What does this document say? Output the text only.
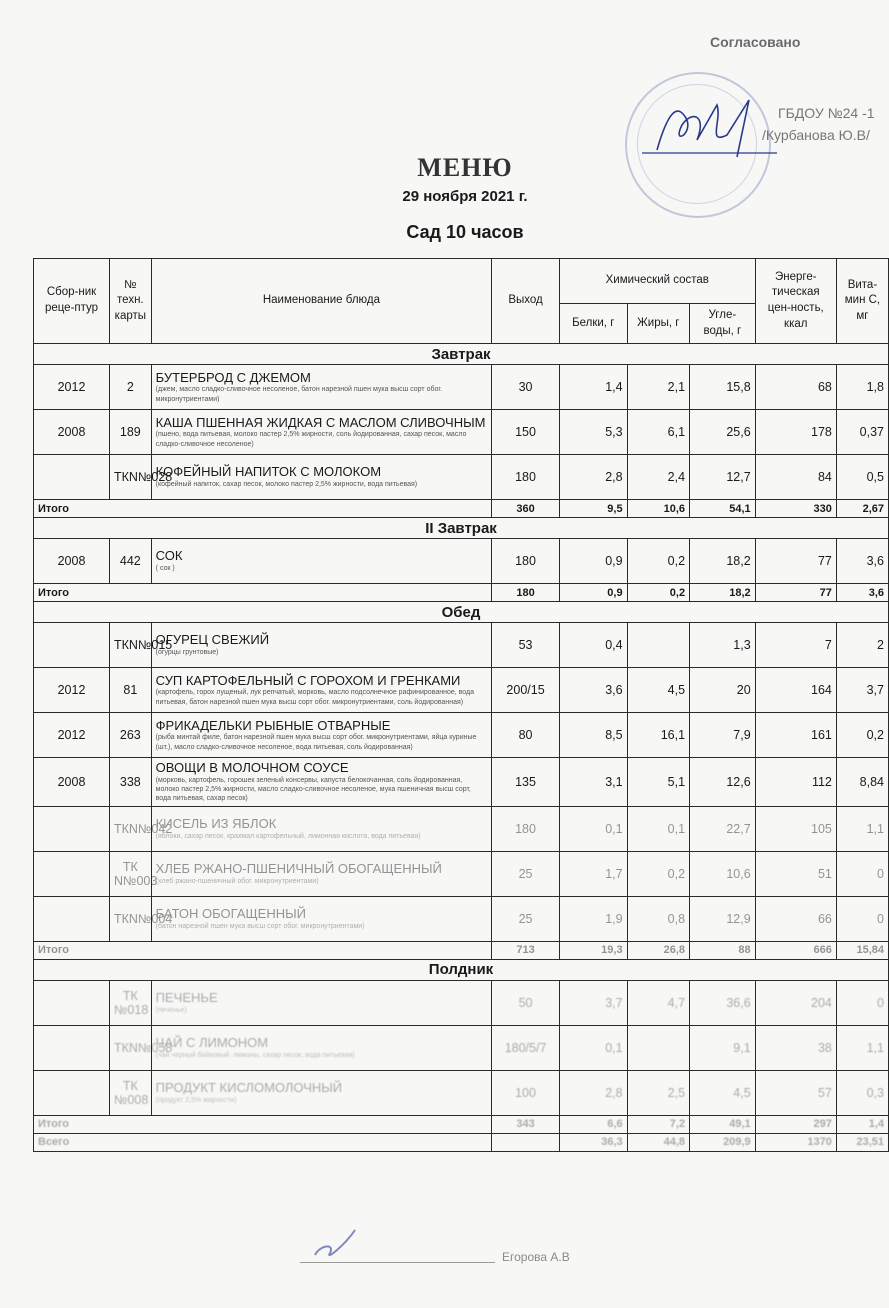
Согласовано
ГБДОУ №24 -1
/Курбанова Ю.В/
МЕНЮ
29 ноября 2021 г.
Сад 10 часов
Сбор-ник реце-птур	№ техн. карты	Наименование блюда	Выход	Химический состав			Энерге-тическая цен-ность, ккал	Вита-мин С, мг
				Белки, г	Жиры, г	Угле-воды, г		
Завтрак								
2012	2	БУТЕРБРОД С ДЖЕМОМ
(джем, масло сладко-сливочное несоленое, батон нарезной пшен мука высш сорт обог. микронутриентами)	30	1,4	2,1	15,8	68	1,8
2008	189	КАША ПШЕННАЯ ЖИДКАЯ С МАСЛОМ СЛИВОЧНЫМ
(пшено, вода питьевая, молоко пастер 2,5% жирности, соль йодированная, сахар песок, масло сладко-сливочное несоленое)	150	5,3	6,1	25,6	178	0,37
	ТКN№028	КОФЕЙНЫЙ НАПИТОК С МОЛОКОМ
(кофейный напиток, сахар песок, молоко пастер 2,5% жирности, вода питьевая)	180	2,8	2,4	12,7	84	0,5
Итого			360	9,5	10,6	54,1	330	2,67
II Завтрак								
2008	442	СОК
( сок )	180	0,9	0,2	18,2	77	3,6
Итого			180	0,9	0,2	18,2	77	3,6
Обед								
	ТКN№015	ОГУРЕЦ СВЕЖИЙ
(огурцы грунтовые)	53	0,4		1,3	7	2
2012	81	СУП КАРТОФЕЛЬНЫЙ С ГОРОХОМ И ГРЕНКАМИ
(картофель, горох лущеный, лук репчатый, морковь, масло подсолнечное рафинированное, вода питьевая, батон нарезной пшен мука высш сорт обог. микронутриентами, соль йодированная)	200/15	3,6	4,5	20	164	3,7
2012	263	ФРИКАДЕЛЬКИ РЫБНЫЕ ОТВАРНЫЕ
(рыба минтай филе, батон нарезной пшен мука высш сорт обог. микронутриентами, яйца куриные (шт.), масло сладко-сливочное несоленое, вода питьевая, соль йодированная)	80	8,5	16,1	7,9	161	0,2
2008	338	ОВОЩИ В МОЛОЧНОМ СОУСЕ
(морковь, картофель, горошек зеленый консервы, капуста белокочанная, соль йодированная, молоко пастер 2,5% жирности, масло сладко-сливочное несоленое, мука пшеничная высш сорт, вода питьевая, сахар песок)	135	3,1	5,1	12,6	112	8,84
	ТКN№042	КИСЕЛЬ ИЗ ЯБЛОК
(яблоки, сахар песок, крахмал картофельный, лимонная кислота, вода питьевая)	180	0,1	0,1	22,7	105	1,1
	ТК N№003	ХЛЕБ РЖАНО-ПШЕНИЧНЫЙ ОБОГАЩЕННЫЙ
(хлеб ржано-пшеничный обог. микронутриентами)	25	1,7	0,2	10,6	51	0
	ТКN№004	БАТОН ОБОГАЩЕННЫЙ
(батон нарезной пшен мука высш сорт обог. микронутриентами)	25	1,9	0,8	12,9	66	0
Итого			713	19,3	26,8	88	666	15,84
Полдник								
	ТК №018	ПЕЧЕНЬЕ
(печенье)	50	3,7	4,7	36,6	204	0
	ТКN№058	ЧАЙ С ЛИМОНОМ
(чай черный байховый, лимоны, сахар песок, вода питьевая)	180/5/7	0,1		9,1	38	1,1
	ТК №008	ПРОДУКТ КИСЛОМОЛОЧНЫЙ
(продукт 2,5% жирности)	100	2,8	2,5	4,5	57	0,3
Итого			343	6,6	7,2	49,1	297	1,4
Всего				36,3	44,8	209,9	1370	23,51
Егорова А.В
